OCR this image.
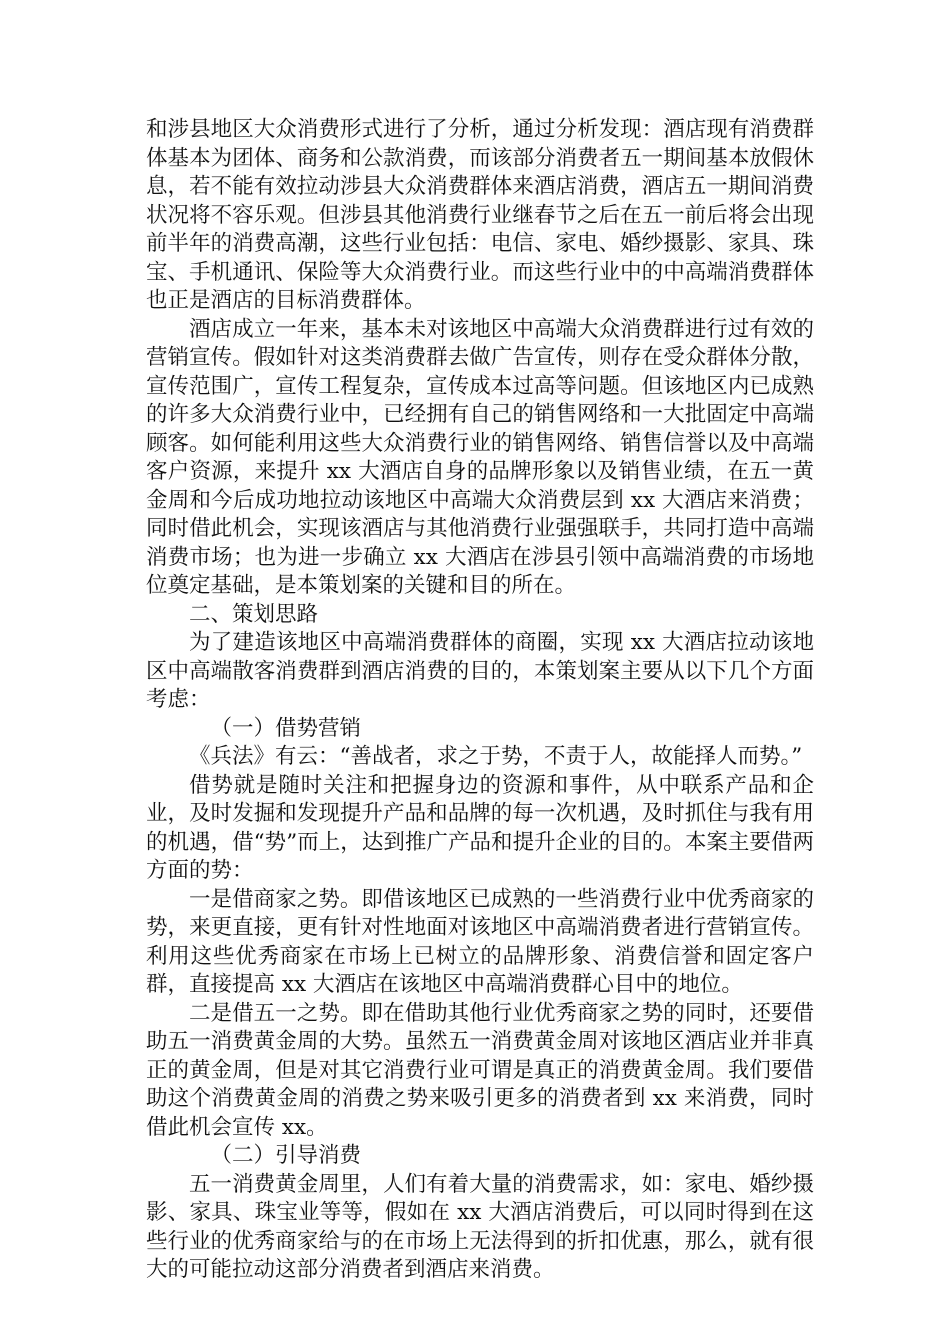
和涉县地区大众消费形式进行了分析，通过分析发现：酒店现有消费群体基本为团体、商务和公款消费，而该部分消费者五一期间基本放假休息，若不能有效拉动涉县大众消费群体来酒店消费，酒店五一期间消费状况将不容乐观。但涉县其他消费行业继春节之后在五一前后将会出现前半年的消费高潮，这些行业包括：电信、家电、婚纱摄影、家具、珠宝、手机通讯、保险等大众消费行业。而这些行业中的中高端消费群体也正是酒店的目标消费群体。

酒店成立一年来，基本未对该地区中高端大众消费群进行过有效的营销宣传。假如针对这类消费群去做广告宣传，则存在受众群体分散，宣传范围广，宣传工程复杂，宣传成本过高等问题。但该地区内已成熟的许多大众消费行业中，已经拥有自己的销售网络和一大批固定中高端顾客。如何能利用这些大众消费行业的销售网络、销售信誉以及中高端客户资源，来提升 xx 大酒店自身的品牌形象以及销售业绩，在五一黄金周和今后成功地拉动该地区中高端大众消费层到 xx 大酒店来消费；同时借此机会，实现该酒店与其他消费行业强强联手，共同打造中高端消费市场；也为进一步确立 xx 大酒店在涉县引领中高端消费的市场地位奠定基础，是本策划案的关键和目的所在。

二、策划思路

为了建造该地区中高端消费群体的商圈，实现 xx 大酒店拉动该地区中高端散客消费群到酒店消费的目的，本策划案主要从以下几个方面考虑：

（一）借势营销

《兵法》有云：“善战者，求之于势，不责于人，故能择人而势。”

借势就是随时关注和把握身边的资源和事件，从中联系产品和企业，及时发掘和发现提升产品和品牌的每一次机遇，及时抓住与我有用的机遇，借“势”而上，达到推广产品和提升企业的目的。本案主要借两方面的势：

一是借商家之势。即借该地区已成熟的一些消费行业中优秀商家的势，来更直接，更有针对性地面对该地区中高端消费者进行营销宣传。利用这些优秀商家在市场上已树立的品牌形象、消费信誉和固定客户群，直接提高 xx 大酒店在该地区中高端消费群心目中的地位。

二是借五一之势。即在借助其他行业优秀商家之势的同时，还要借助五一消费黄金周的大势。虽然五一消费黄金周对该地区酒店业并非真正的黄金周，但是对其它消费行业可谓是真正的消费黄金周。我们要借助这个消费黄金周的消费之势来吸引更多的消费者到 xx 来消费，同时借此机会宣传 xx。

（二）引导消费

五一消费黄金周里，人们有着大量的消费需求，如：家电、婚纱摄影、家具、珠宝业等等，假如在 xx 大酒店消费后，可以同时得到在这些行业的优秀商家给与的在市场上无法得到的折扣优惠，那么，就有很大的可能拉动这部分消费者到酒店来消费。
